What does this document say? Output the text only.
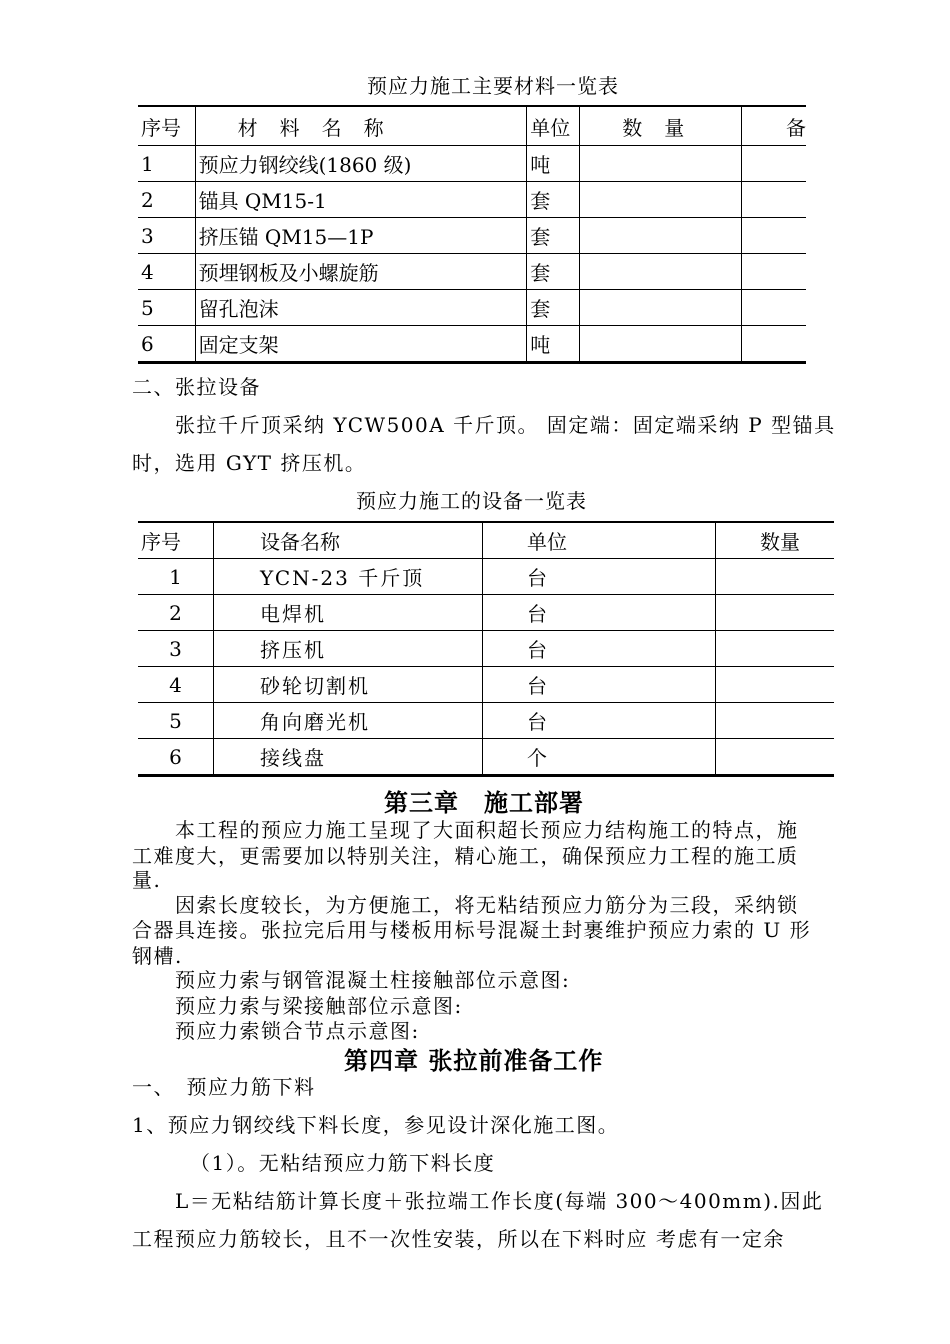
预应力施工主要材料一览表
序号	材料名称	单位	数量	备
1	预应力钢绞线(1860 级)	吨		
2	锚具 QM15-1	套		
3	挤压锚 QM15—1P	套		
4	预埋钢板及小螺旋筋	套		
5	留孔泡沫	套		
6	固定支架	吨		
二、张拉设备
张拉千斤顶采纳 YCW500A 千斤顶。 固定端：固定端采纳 P 型锚具
时，选用 GYT 挤压机。
预应力施工的设备一览表
序号	设备名称	单位	数量
1	YCN-23 千斤顶	台	
2	电焊机	台	
3	挤压机	台	
4	砂轮切割机	台	
5	角向磨光机	台	
6	接线盘	个	
第三章　施工部署
本工程的预应力施工呈现了大面积超长预应力结构施工的特点，施
工难度大，更需要加以特别关注，精心施工，确保预应力工程的施工质
量.
因索长度较长，为方便施工，将无粘结预应力筋分为三段，采纳锁
合器具连接。张拉完后用与楼板用标号混凝土封裹维护预应力索的 U 形
钢槽.
预应力索与钢管混凝土柱接触部位示意图:
预应力索与梁接触部位示意图:
预应力索锁合节点示意图:
第四章 张拉前准备工作
一、　预应力筋下料
1、预应力钢绞线下料长度，参见设计深化施工图。
（1）。无粘结预应力筋下料长度
L＝无粘结筋计算长度＋张拉端工作长度(每端 300～400mm).因此
工程预应力筋较长，且不一次性安装，所以在下料时应 考虑有一定余
